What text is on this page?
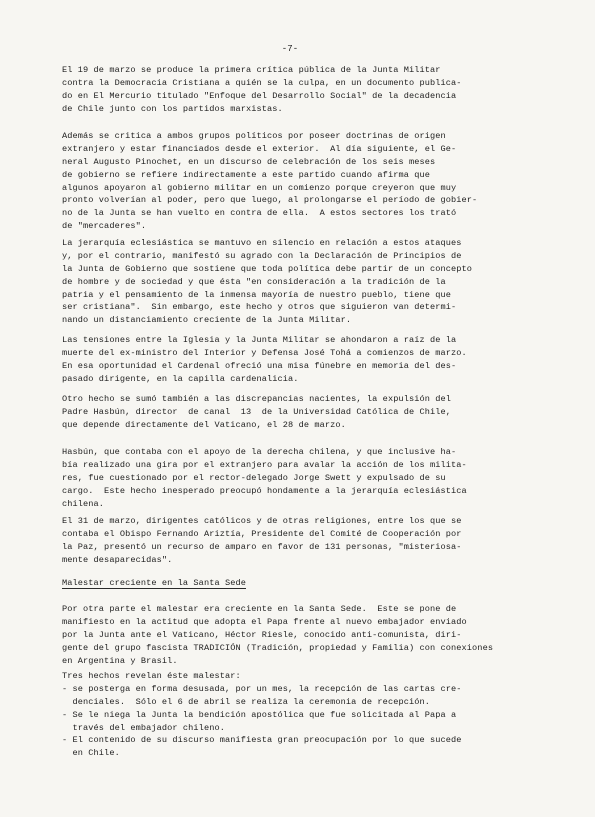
-7-
El 19 de marzo se produce la primera crítica pública de la Junta Militar
contra la Democracia Cristiana a quién se la culpa, en un documento publica-
do en El Mercurio titulado "Enfoque del Desarrollo Social" de la decadencia
de Chile junto con los partidos marxistas.
Además se critica a ambos grupos políticos por poseer doctrinas de origen
extranjero y estar financiados desde el exterior.  Al día siguiente, el Ge-
neral Augusto Pinochet, en un discurso de celebración de los seis meses
de gobierno se refiere indirectamente a este partido cuando afirma que
algunos apoyaron al gobierno militar en un comienzo porque creyeron que muy
pronto volverían al poder, pero que luego, al prolongarse el período de gobier-
no de la Junta se han vuelto en contra de ella.  A estos sectores los trató
de "mercaderes".
La jerarquía eclesiástica se mantuvo en silencio en relación a estos ataques
y, por el contrario, manifestó su agrado con la Declaración de Principios de
la Junta de Gobierno que sostiene que toda política debe partir de un concepto
de hombre y de sociedad y que ésta "en consideración a la tradición de la
patria y el pensamiento de la inmensa mayoría de nuestro pueblo, tiene que
ser cristiana".  Sin embargo, este hecho y otros que siguieron van determi-
nando un distanciamiento creciente de la Junta Militar.
Las tensiones entre la Iglesia y la Junta Militar se ahondaron a raíz de la
muerte del ex-ministro del Interior y Defensa José Tohá a comienzos de marzo.
En esa oportunidad el Cardenal ofreció una misa fúnebre en memoria del des-
pasado dirigente, en la capilla cardenalicia.
Otro hecho se sumó también a las discrepancias nacientes, la expulsión del
Padre Hasbún, director  de canal  13  de la Universidad Católica de Chile,
que depende directamente del Vaticano, el 28 de marzo.
Hasbún, que contaba con el apoyo de la derecha chilena, y que inclusive ha-
bía realizado una gira por el extranjero para avalar la acción de los milita-
res, fue cuestionado por el rector-delegado Jorge Swett y expulsado de su
cargo.  Este hecho inesperado preocupó hondamente a la jerarquía eclesiástica
chilena.
El 31 de marzo, dirigentes católicos y de otras religiones, entre los que se
contaba el Obispo Fernando Ariztía, Presidente del Comité de Cooperación por
la Paz, presentó un recurso de amparo en favor de 131 personas, "misteriosa-
mente desaparecidas".
Malestar creciente en la Santa Sede
Por otra parte el malestar era creciente en la Santa Sede.  Este se pone de
manifiesto en la actitud que adopta el Papa frente al nuevo embajador enviado
por la Junta ante el Vaticano, Héctor Riesle, conocido anti-comunista, diri-
gente del grupo fascista TRADICIÓN (Tradición, propiedad y Familia) con conexiones
en Argentina y Brasil.
Tres hechos revelan éste malestar:
- se posterga en forma desusada, por un mes, la recepción de las cartas cre-
denciales.  Sólo el 6 de abril se realiza la ceremonia de recepción.
- Se le niega la Junta la bendición apostólica que fue solicitada al Papa a
través del embajador chileno.
- El contenido de su discurso manifiesta gran preocupación por lo que sucede
en Chile.
